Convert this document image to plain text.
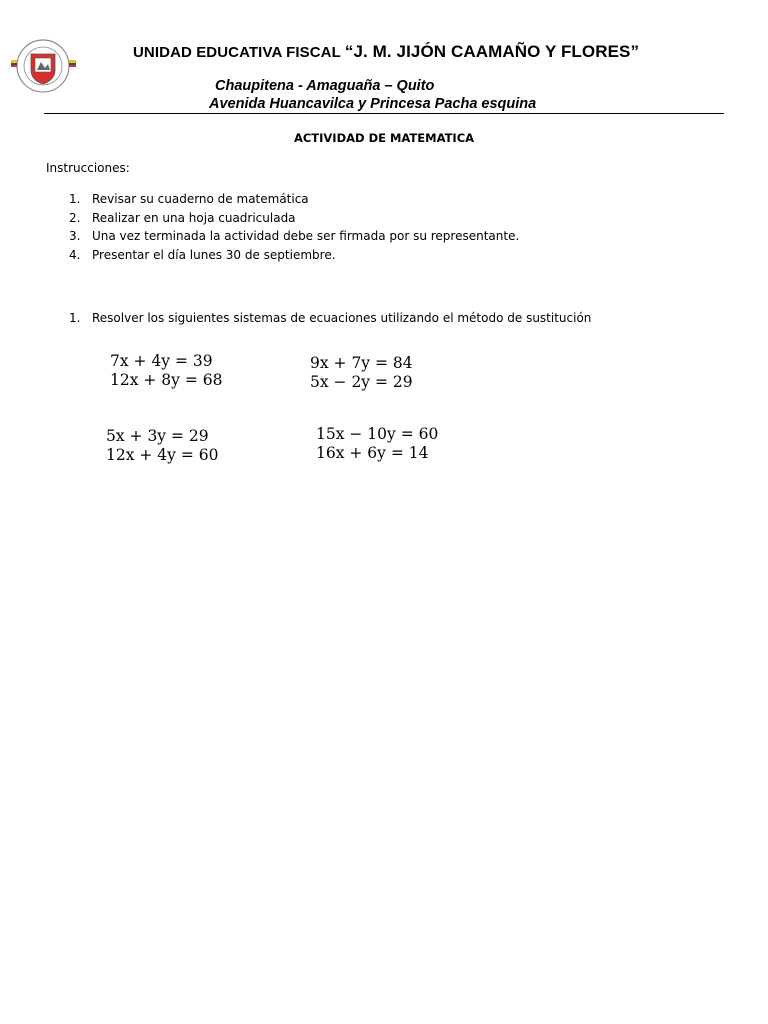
UNIDAD EDUCATIVA FISCAL “J. M. JIJÓN CAAMAÑO Y FLORES”
Chaupitena - Amaguaña – Quito
Avenida Huancavilca y Princesa Pacha esquina
ACTIVIDAD DE MATEMATICA
Instrucciones:
1. Revisar su cuaderno de matemática
2. Realizar en una hoja cuadriculada
3. Una vez terminada la actividad debe ser firmada por su representante.
4. Presentar el día lunes 30 de septiembre.
1. Resolver los siguientes sistemas de ecuaciones utilizando el método de sustitución
7x + 4y = 39
12x + 8y = 68
9x + 7y = 84
5x − 2y = 29
5x + 3y = 29
12x + 4y = 60
15x − 10y = 60
16x + 6y = 14
